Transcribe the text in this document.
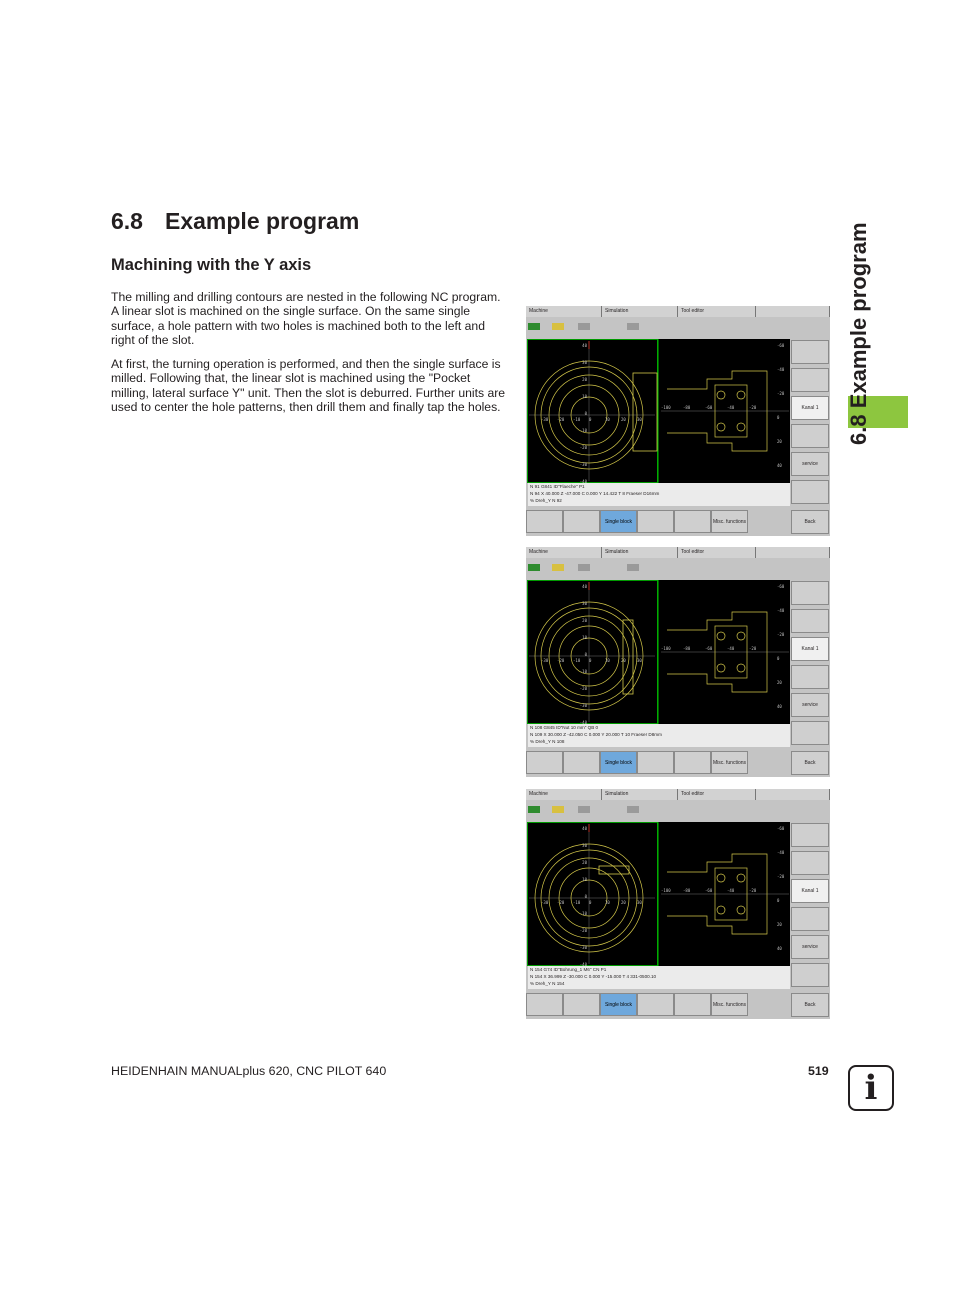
6.8 Example program
Machining with the Y axis

The milling and drilling contours are nested in the following NC program. A linear slot is machined on the single surface. On the same single surface, a hole pattern with two holes is machined both to the left and right of the slot.

At first, the turning operation is performed, and then the single surface is milled. Following that, the linear slot is machined using the "Pocket milling, lateral surface Y" unit. Then the slot is deburred. Further units are used to center the hole patterns, then drill them and finally tap the holes.	6.8 Example program
Machine	Simulation	Tool editor
40
30
20
10
0
-10
-20
-30
-40
-30 -20 -10 0	10	20	30
-60
-40
-20
0
20
40
-100	-80	-60	-40	-20
N 91 G841 ID"Flaeche" P1
N 94 X 40.000 Z -47.000 C 0.000 Y 14.422 T 8 Fraeser D16mm
% Dreh_Y N 92
Single block	Misc. functions
Kanal 1
service
Back
Machine	Simulation	Tool editor
40
30
20
10
0
-10
-20
-30
-40
-30 -20 -10 0	10	20	30
-60
-40
-20
0
20
40
-100	-80	-60	-40	-20
N 108 G845 ID"Nut 10 mm" QB 0
N 109 X 30.000 Z -42.050 C 0.000 Y 20.000 T 10 Fraeser D8mm
% Dreh_Y N 108
Single block	Misc. functions
Kanal 1
service
Back
Machine	Simulation	Tool editor
40
30
20
10
0
-10
-20
-30
-40
-30 -20 -10 0	10	20	30
-60
-40
-20
0
20
40
-100	-80	-60	-40	-20
N 154 G74 ID"Bohrung_1 M6" CN P1
N 154 X 36.999 Z -30.000 C 0.000 Y -15.000 T 4 331-0500.10
% Dreh_Y N 154
Single block	Misc. functions
Kanal 1
service
Back
HEIDENHAIN MANUALplus 620, CNC PILOT 640	519 i
